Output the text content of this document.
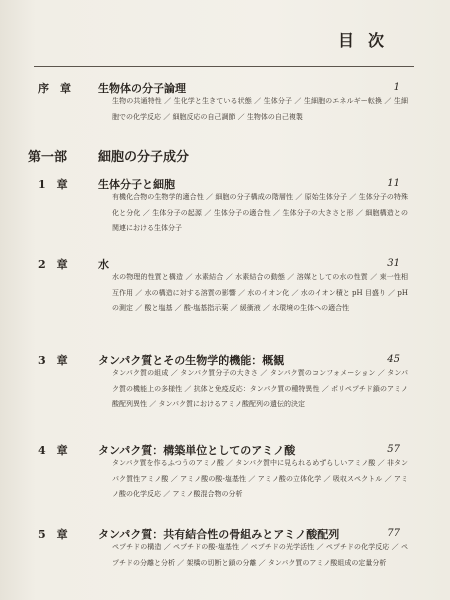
目次
序　章 生物体の分子論理	1
生物の共通特性 ／ 生化学と生きている状態 ／ 生体分子 ／ 生細胞のエネルギー転換 ／ 生細胞での化学反応 ／ 細胞反応の自己調節 ／ 生物体の自己複製
第一部 細胞の分子成分
1　章	生体分子と細胞	11
有機化合物の生物学的適合性 ／ 細胞の分子構成の階層性 ／ 原始生体分子 ／ 生体分子の特殊化と分化 ／ 生体分子の起源 ／ 生体分子の適合性 ／ 生体分子の大きさと形 ／ 細胞構造との関連における生体分子
2　章	水	31
水の物理的性質と構造 ／ 水素結合 ／ 水素結合の動態 ／ 溶媒としての水の性質 ／ 束一性相互作用 ／ 水の構造に対する溶質の影響 ／ 水のイオン化 ／ 水のイオン積と pH 目盛り ／ pH の測定 ／ 酸と塩基 ／ 酸‐塩基指示薬 ／ 緩衝液 ／ 水環境の生体への適合性
3　章	タンパク質とその生物学的機能：概観	45
タンパク質の組成 ／ タンパク質分子の大きさ ／ タンパク質のコンフォメーション ／ タンパク質の機能上の多様性 ／ 抗体と免疫反応：タンパク質の種特異性 ／ ポリペプチド鎖のアミノ酸配列異性 ／ タンパク質におけるアミノ酸配列の遺伝的決定
4　章	タンパク質：構築単位としてのアミノ酸	57
タンパク質を作るふつうのアミノ酸 ／ タンパク質中に見られるめずらしいアミノ酸 ／ 非タンパク質性アミノ酸 ／ アミノ酸の酸‐塩基性 ／ アミノ酸の立体化学 ／ 吸収スペクトル ／ アミノ酸の化学反応 ／ アミノ酸混合物の分析
5　章	タンパク質：共有結合性の骨組みとアミノ酸配列	77
ペプチドの構造 ／ ペプチドの酸‐塩基性 ／ ペプチドの光学活性 ／ ペプチドの化学反応 ／ ペプチドの分離と分析 ／ 架橋の切断と鎖の分離 ／ タンパク質のアミノ酸組成の定量分析
